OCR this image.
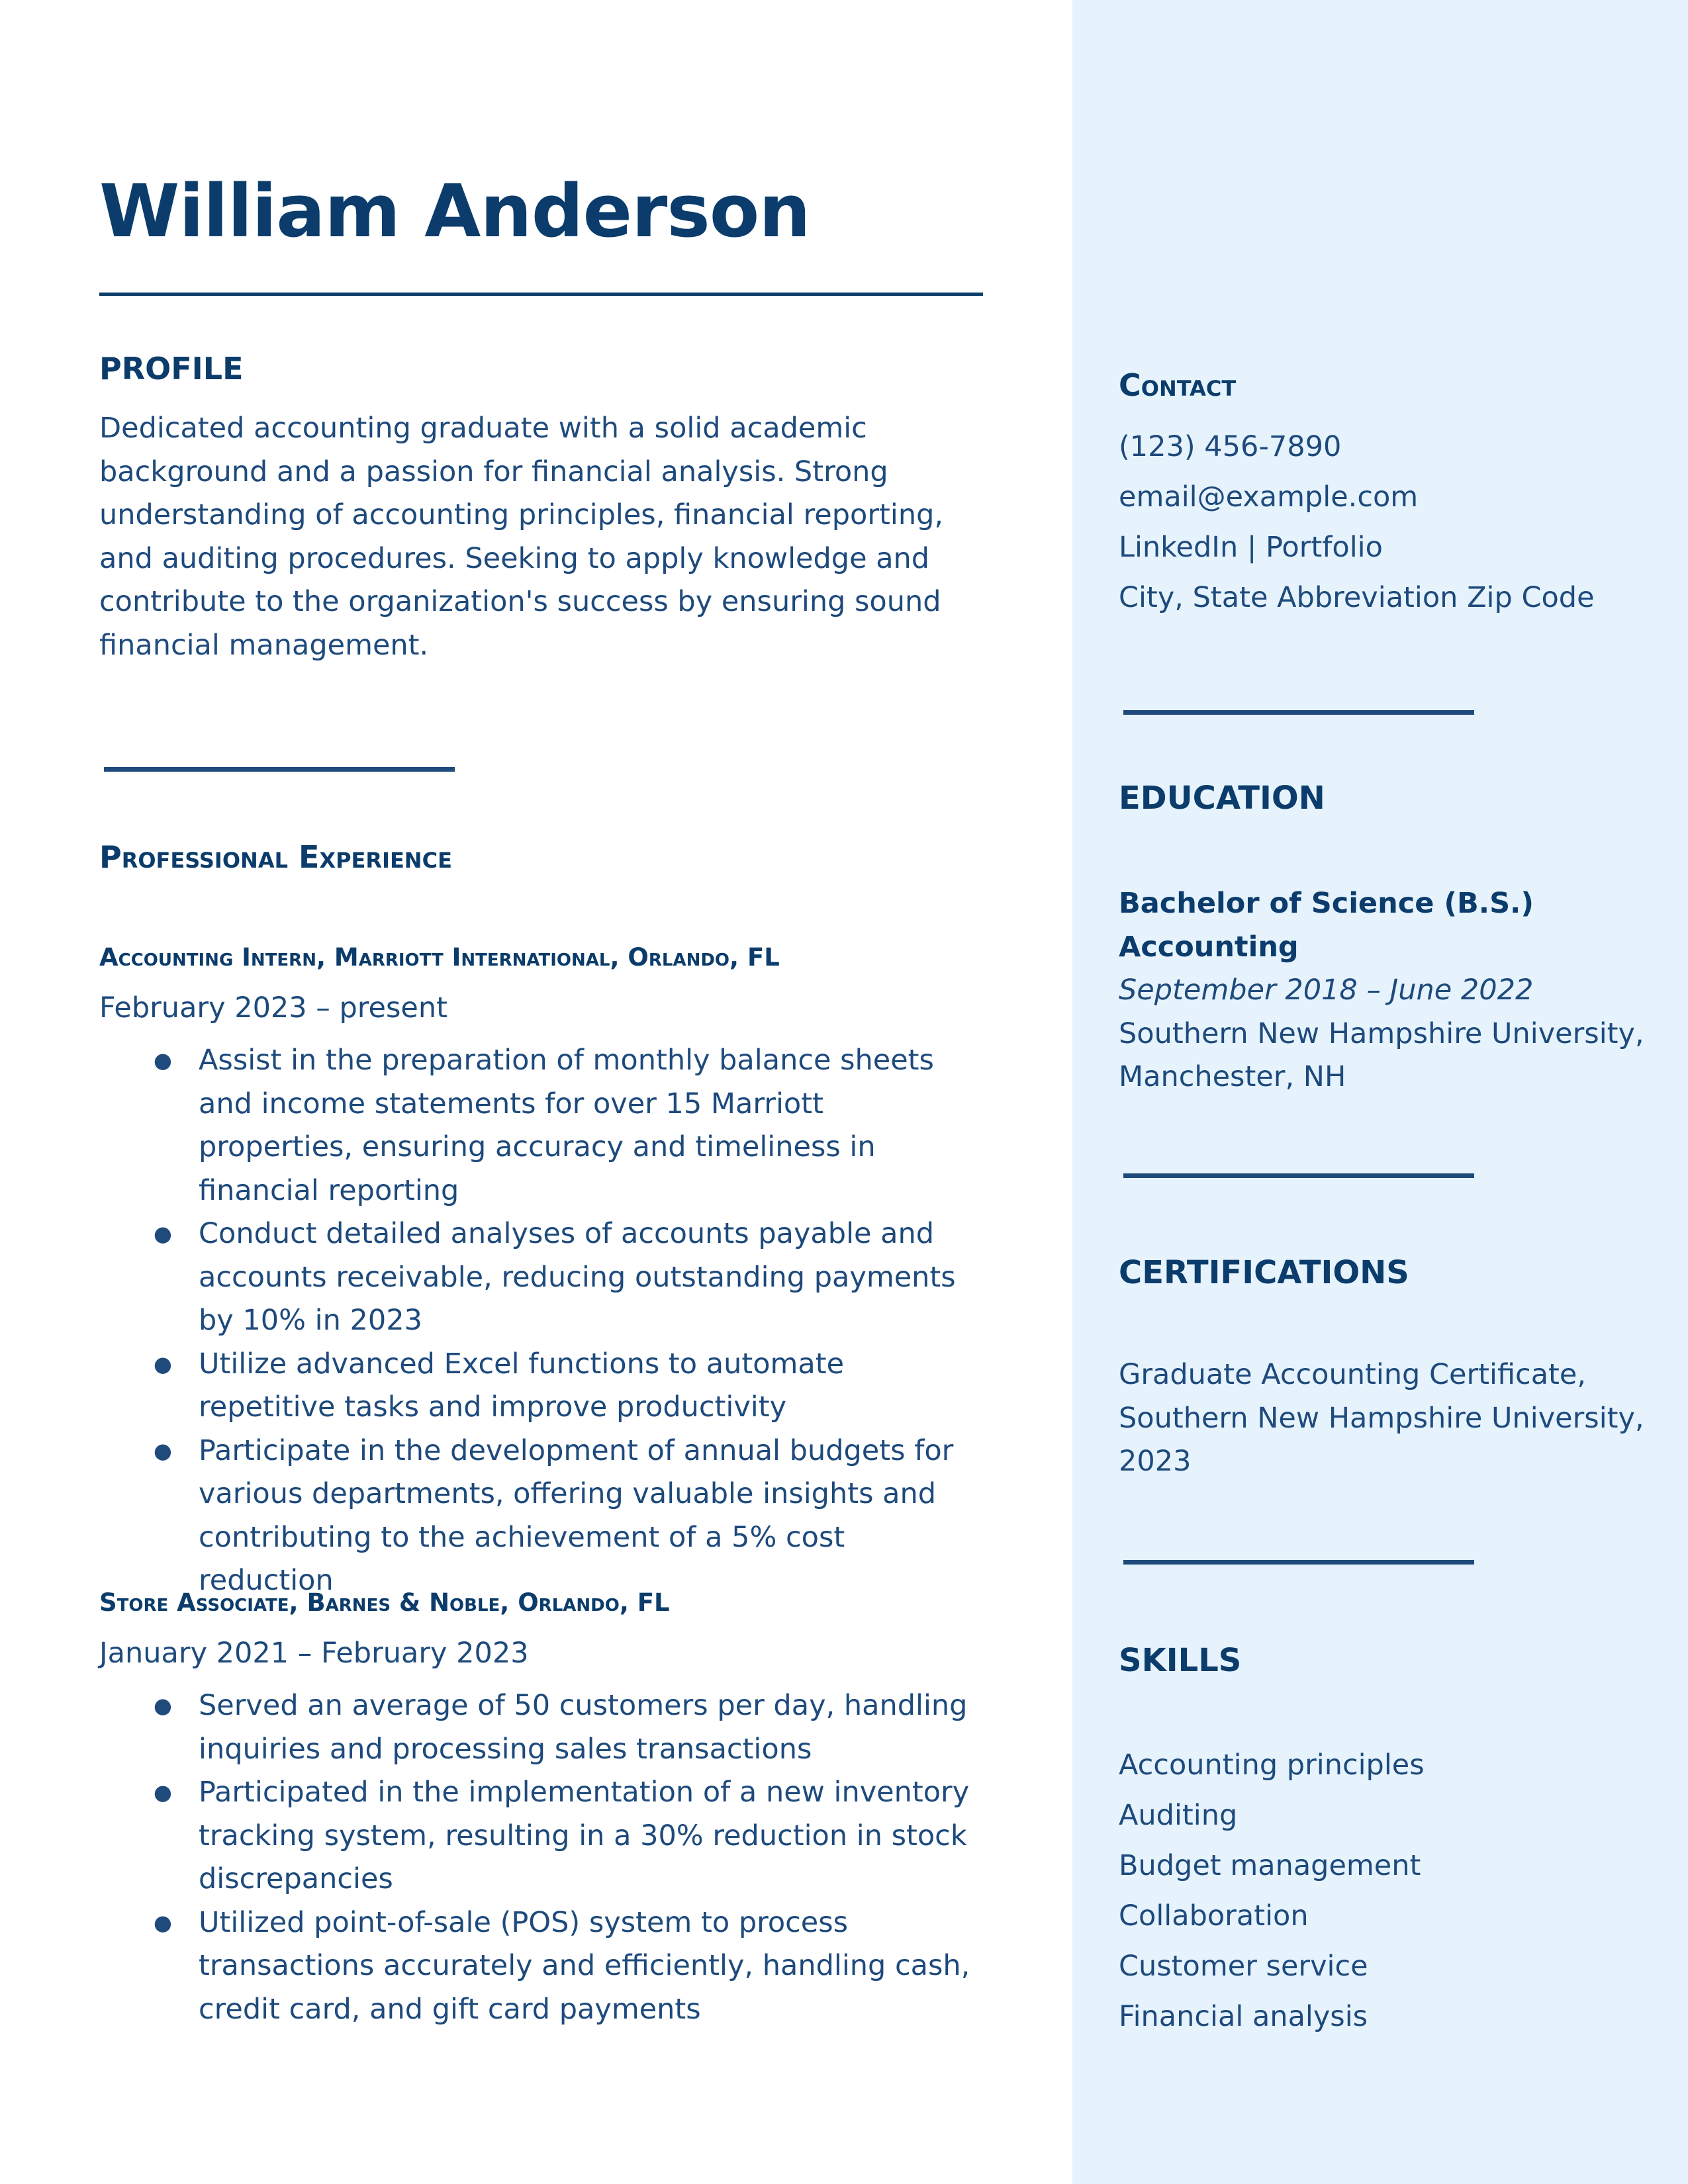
William Anderson
PROFILE

Dedicated accounting graduate with a solid academic background and a passion for financial analysis. Strong understanding of accounting principles, financial reporting, and auditing procedures. Seeking to apply knowledge and contribute to the organization's success by ensuring sound financial management.

Professional Experience
Accounting Intern, Marriott International, Orlando, FL
February 2023 – present
● Assist in the preparation of monthly balance sheets and income statements for over 15 Marriott properties, ensuring accuracy and timeliness in financial reporting
● Conduct detailed analyses of accounts payable and accounts receivable, reducing outstanding payments by 10% in 2023
● Utilize advanced Excel functions to automate repetitive tasks and improve productivity
● Participate in the development of annual budgets for various departments, offering valuable insights and contributing to the achievement of a 5% cost reduction
Store Associate, Barnes & Noble, Orlando, FL
January 2021 – February 2023
● Served an average of 50 customers per day, handling inquiries and processing sales transactions
● Participated in the implementation of a new inventory tracking system, resulting in a 30% reduction in stock discrepancies
● Utilized point-of-sale (POS) system to process transactions accurately and efficiently, handling cash, credit card, and gift card payments
Contact
(123) 456-7890
email@example.com
LinkedIn | Portfolio
City, State Abbreviation Zip Code
EDUCATION
Bachelor of Science (B.S.)
Accounting
September 2018 – June 2022
Southern New Hampshire University, Manchester, NH
CERTIFICATIONS

Graduate Accounting Certificate, Southern New Hampshire University, 2023

SKILLS
Accounting principles
Auditing
Budget management
Collaboration
Customer service
Financial analysis
